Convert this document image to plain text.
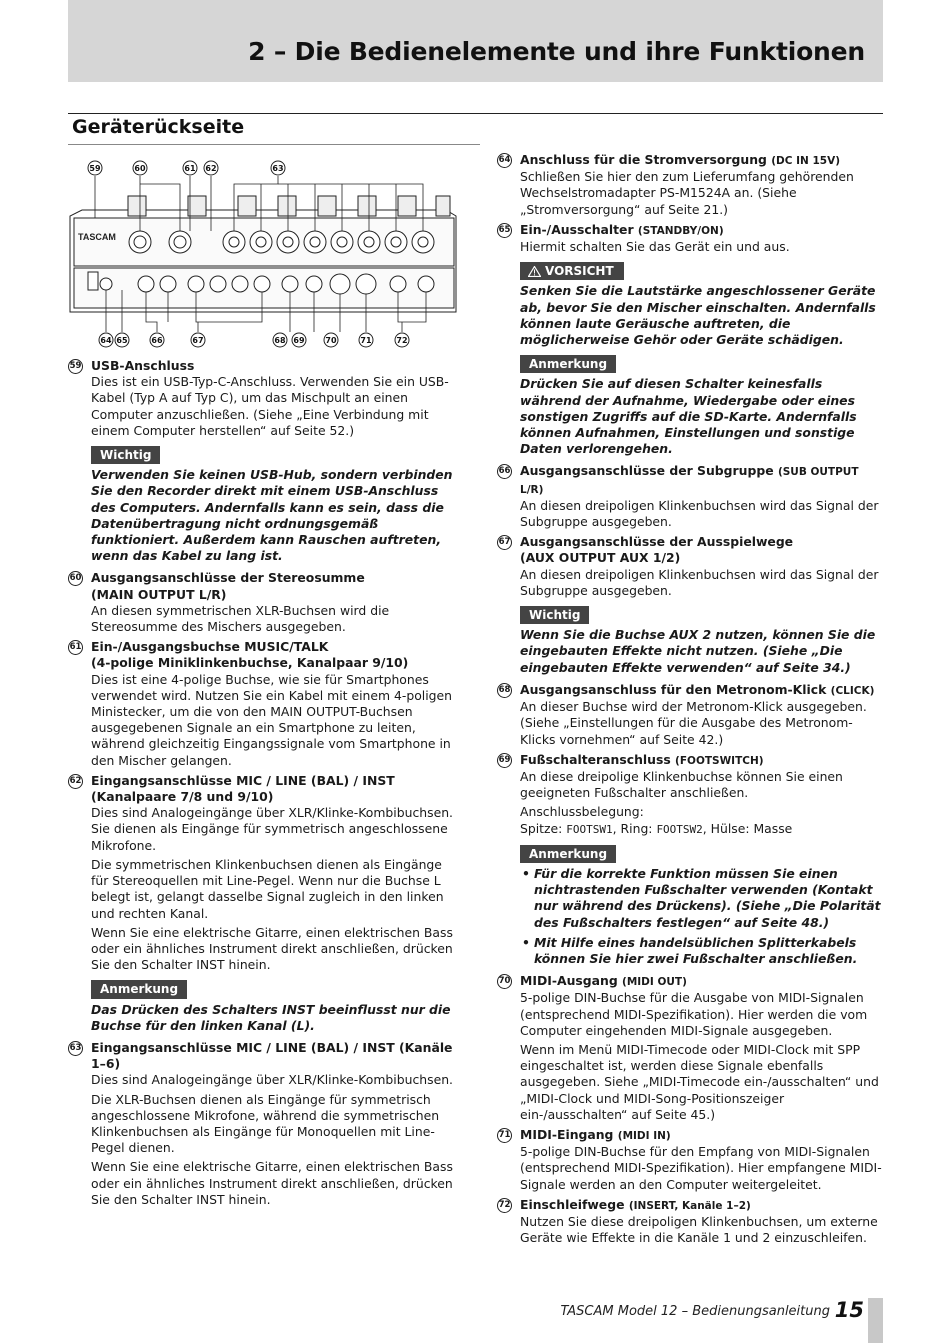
2 – Die Bedienelemente und ihre Funktionen
Geräterückseite
TASCAM
59	60	61 62	63
64 65	66	67	68 69	70	71	72
59 USB-Anschluss
Dies ist ein USB-Typ-C-Anschluss. Verwenden Sie ein USB-Kabel (Typ A auf Typ C), um das Mischpult an einen Computer anzuschließen. (Siehe „Eine Verbindung mit einem Computer herstellen“ auf Seite 52.)
Wichtig
Verwenden Sie keinen USB-Hub, sondern verbinden Sie den Recorder direkt mit einem USB-Anschluss des Computers. Andernfalls kann es sein, dass die Datenübertragung nicht ordnungsgemäß funktioniert. Außerdem kann Rauschen auftreten, wenn das Kabel zu lang ist.
60 Ausgangsanschlüsse der Stereosumme
(MAIN OUTPUT L/R)
An diesen symmetrischen XLR-Buchsen wird die Stereosumme des Mischers ausgegeben.
61 Ein-/Ausgangsbuchse MUSIC/TALK
(4-polige Miniklinkenbuchse, Kanalpaar 9/10)
Dies ist eine 4-polige Buchse, wie sie für Smartphones verwendet wird. Nutzen Sie ein Kabel mit einem 4-poligen Ministecker, um die von den MAIN OUTPUT-Buchsen ausgegebenen Signale an ein Smartphone zu leiten, während gleichzeitig Eingangssignale vom Smartphone in den Mischer gelangen.
62 Eingangsanschlüsse MIC / LINE (BAL) / INST
(Kanalpaare 7/8 und 9/10)
Dies sind Analogeingänge über XLR/Klinke-Kombibuchsen. Sie dienen als Eingänge für symmetrisch angeschlossene Mikrofone.
Die symmetrischen Klinkenbuchsen dienen als Eingänge für Stereoquellen mit Line-Pegel. Wenn nur die Buchse L belegt ist, gelangt dasselbe Signal zugleich in den linken und rechten Kanal.
Wenn Sie eine elektrische Gitarre, einen elektrischen Bass oder ein ähnliches Instrument direkt anschließen, drücken Sie den Schalter INST hinein.
Anmerkung
Das Drücken des Schalters INST beeinflusst nur die Buchse für den linken Kanal (L).
63 Eingangsanschlüsse MIC / LINE (BAL) / INST (Kanäle 1–6)
Dies sind Analogeingänge über XLR/Klinke-Kombibuchsen.
Die XLR-Buchsen dienen als Eingänge für symmetrisch angeschlossene Mikrofone, während die symmetrischen Klinkenbuchsen als Eingänge für Monoquellen mit Line-Pegel dienen.
Wenn Sie eine elektrische Gitarre, einen elektrischen Bass oder ein ähnliches Instrument direkt anschließen, drücken Sie den Schalter INST hinein.
64 Anschluss für die Stromversorgung (DC IN 15V)
Schließen Sie hier den zum Lieferumfang gehörenden Wechselstromadapter PS-M1524A an. (Siehe „Stromversorgung“ auf Seite 21.)
65 Ein-/Ausschalter (STANDBY/ON)
Hiermit schalten Sie das Gerät ein und aus.
VORSICHT
Senken Sie die Lautstärke angeschlossener Geräte ab, bevor Sie den Mischer einschalten. Andernfalls können laute Geräusche auftreten, die möglicherweise Gehör oder Geräte schädigen.
Anmerkung
Drücken Sie auf diesen Schalter keinesfalls während der Aufnahme, Wiedergabe oder eines sonstigen Zugriffs auf die SD-Karte. Andernfalls können Aufnahmen, Einstellungen und sonstige Daten verlorengehen.
66 Ausgangsanschlüsse der Subgruppe (SUB OUTPUT L/R)
An diesen dreipoligen Klinkenbuchsen wird das Signal der Subgruppe ausgegeben.
67 Ausgangsanschlüsse der Ausspielwege
(AUX OUTPUT AUX 1/2)
An diesen dreipoligen Klinkenbuchsen wird das Signal der Subgruppe ausgegeben.
Wichtig
Wenn Sie die Buchse AUX 2 nutzen, können Sie die eingebauten Effekte nicht nutzen. (Siehe „Die eingebauten Effekte verwenden“ auf Seite 34.)
68 Ausgangsanschluss für den Metronom-Klick (CLICK)
An dieser Buchse wird der Metronom-Klick ausgegeben. (Siehe „Einstellungen für die Ausgabe des Metronom-Klicks vornehmen“ auf Seite 42.)
69 Fußschalteranschluss (FOOTSWITCH)
An diese dreipolige Klinkenbuchse können Sie einen geeigneten Fußschalter anschließen.
Anschlussbelegung:
Spitze: FOOTSW1, Ring: FOOTSW2, Hülse: Masse
Anmerkung
• Für die korrekte Funktion müssen Sie einen nichtrastenden Fußschalter verwenden (Kontakt nur während des Drückens). (Siehe „Die Polarität des Fußschalters festlegen“ auf Seite 48.)
• Mit Hilfe eines handelsüblichen Splitterkabels können Sie hier zwei Fußschalter anschließen.
70 MIDI-Ausgang (MIDI OUT)
5-polige DIN-Buchse für die Ausgabe von MIDI-Signalen (entsprechend MIDI-Spezifikation). Hier werden die vom Computer eingehenden MIDI-Signale ausgegeben.
Wenn im Menü MIDI-Timecode oder MIDI-Clock mit SPP eingeschaltet ist, werden diese Signale ebenfalls ausgegeben. Siehe „MIDI-Timecode ein-/ausschalten“ und „MIDI-Clock und MIDI-Song-Positionszeiger ein-/ausschalten“ auf Seite 45.)
71 MIDI-Eingang (MIDI IN)
5-polige DIN-Buchse für den Empfang von MIDI-Signalen (entsprechend MIDI-Spezifikation). Hier empfangene MIDI-Signale werden an den Computer weitergeleitet.
72 Einschleifwege (INSERT, Kanäle 1–2)
Nutzen Sie diese dreipoligen Klinkenbuchsen, um externe Geräte wie Effekte in die Kanäle 1 und 2 einzuschleifen.
TASCAM Model 12 – Bedienungsanleitung 15
